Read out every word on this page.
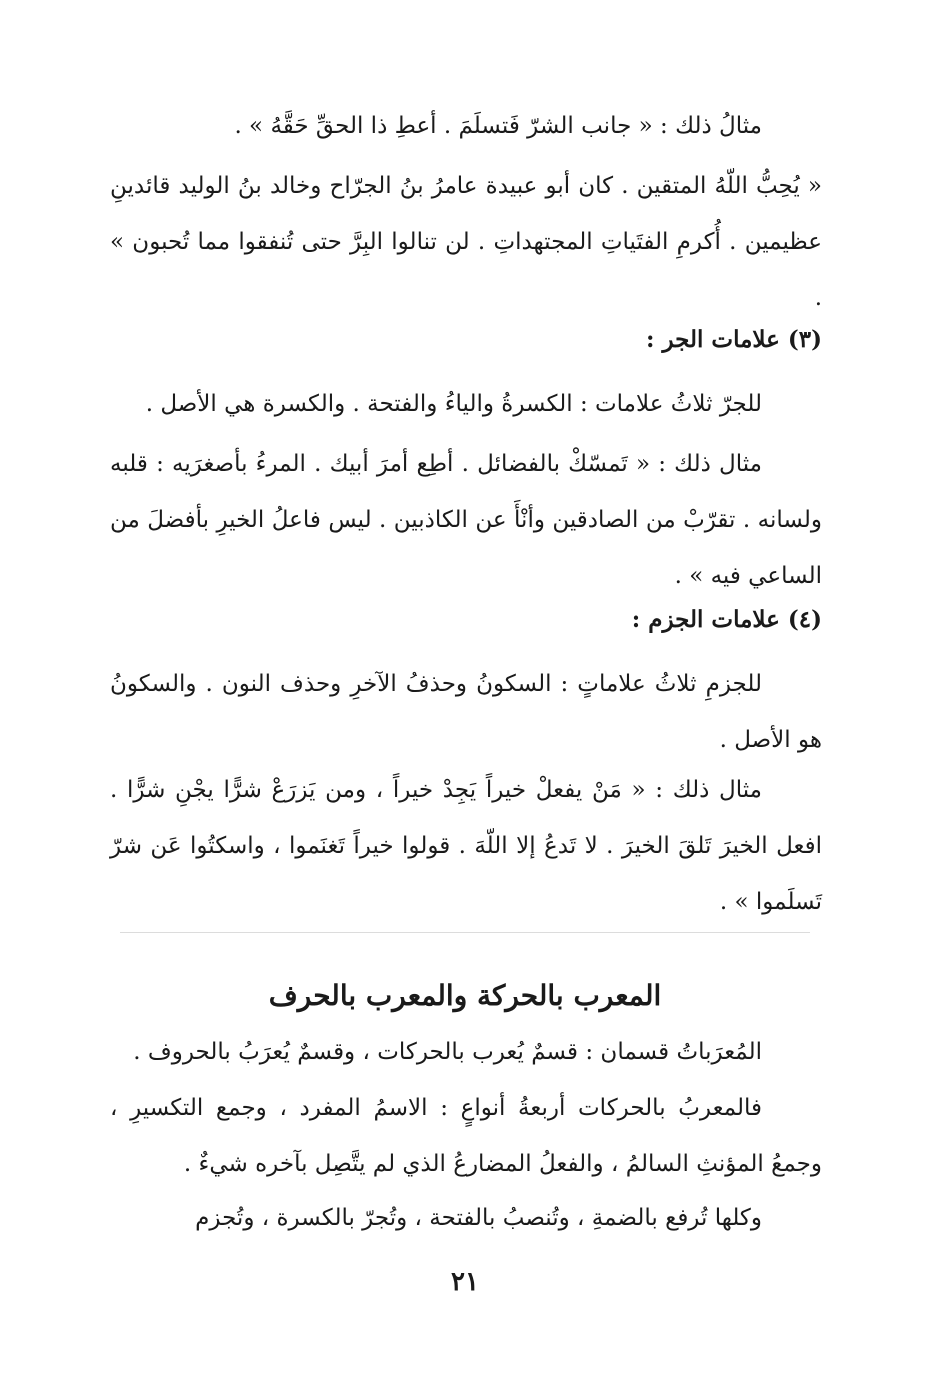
مثالُ ذلك : « جانب الشرّ فَتسلَمَ . أعطِ ذا الحقِّ حَقَّهُ » .

« يُحِبُّ اللّهُ المتقين . كان أبو عبيدة عامرُ بنُ الجرّاح وخالد بنُ الوليد قائدينِ عظيمين . أُكرمِ الفتَياتِ المجتهداتِ . لن تنالوا البِرَّ حتى تُنفقوا مما تُحبون » .

(٣) علامات الجر :

للجرّ ثلاثُ علامات : الكسرةُ والياءُ والفتحة . والكسرة هي الأصل .

مثال ذلك : « تَمسّكْ بالفضائل . أطِع أمرَ أبيك . المرءُ بأصغرَيه : قلبه ولسانه . تقرّبْ من الصادقين وأنْأَ عن الكاذبين . ليس فاعلُ الخيرِ بأفضلَ من الساعي فيه » .

(٤) علامات الجزم :

للجزمِ ثلاثُ علاماتٍ : السكونُ وحذفُ الآخرِ وحذف النون . والسكونُ هو الأصل .

مثال ذلك : « مَنْ يفعلْ خيراً يَجِدْ خيراً ، ومن يَزرَعْ شرًّا يجْنِ شرًّا . افعل الخيرَ تَلقَ الخيرَ . لا تَدعُ إلا اللّهَ . قولوا خيراً تَغنَموا ، واسكتُوا عَن شرّ تَسلَموا » .

المعرب بالحركة والمعرب بالحرف

المُعرَباتُ قسمان : قسمٌ يُعرب بالحركات ، وقسمٌ يُعرَبُ بالحروف .

فالمعربُ بالحركات أربعةُ أنواعٍ : الاسمُ المفرد ، وجمع التكسيرِ ، وجمعُ المؤنثِ السالمُ ، والفعلُ المضارعُ الذي لم يتَّصِل بآخره شيءٌ .

وكلها تُرفع بالضمةِ ، وتُنصبُ بالفتحة ، وتُجرّ بالكسرة ، وتُجزم

٢١
